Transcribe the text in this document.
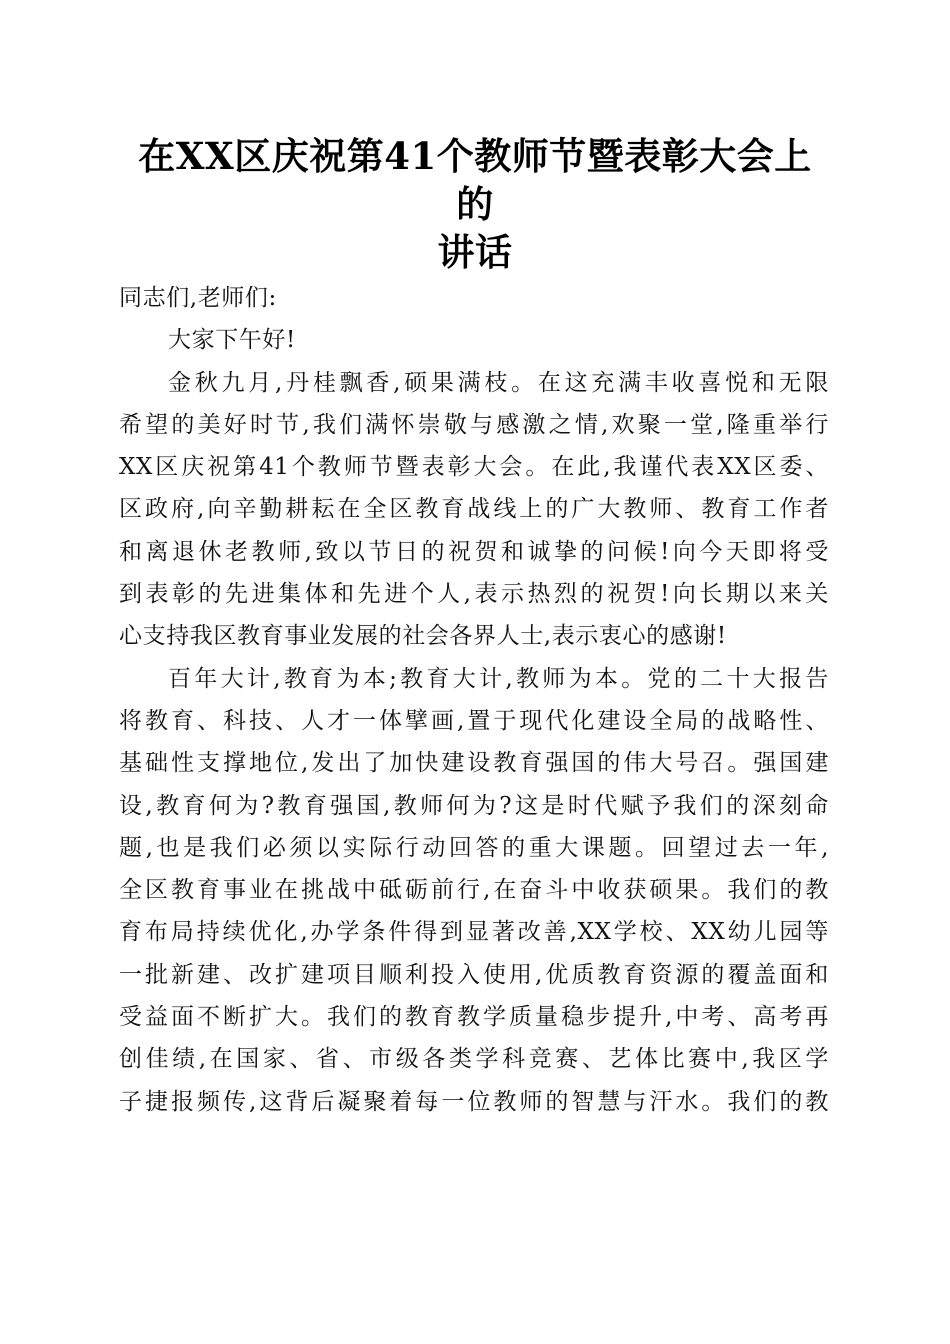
在XX区庆祝第41个教师节暨表彰大会上的
讲话
同志们,老师们:
大家下午好!
金秋九月,丹桂飘香,硕果满枝。在这充满丰收喜悦和无限
希望的美好时节,我们满怀崇敬与感激之情,欢聚一堂,隆重举行
XX区庆祝第41个教师节暨表彰大会。在此,我谨代表XX区委、
区政府,向辛勤耕耘在全区教育战线上的广大教师、教育工作者
和离退休老教师,致以节日的祝贺和诚挚的问候!向今天即将受
到表彰的先进集体和先进个人,表示热烈的祝贺!向长期以来关
心支持我区教育事业发展的社会各界人士,表示衷心的感谢!
百年大计,教育为本;教育大计,教师为本。党的二十大报告
将教育、科技、人才一体擘画,置于现代化建设全局的战略性、
基础性支撑地位,发出了加快建设教育强国的伟大号召。强国建
设,教育何为?教育强国,教师何为?这是时代赋予我们的深刻命
题,也是我们必须以实际行动回答的重大课题。回望过去一年,
全区教育事业在挑战中砥砺前行,在奋斗中收获硕果。我们的教
育布局持续优化,办学条件得到显著改善,XX学校、XX幼儿园等
一批新建、改扩建项目顺利投入使用,优质教育资源的覆盖面和
受益面不断扩大。我们的教育教学质量稳步提升,中考、高考再
创佳绩,在国家、省、市级各类学科竞赛、艺体比赛中,我区学
子捷报频传,这背后凝聚着每一位教师的智慧与汗水。我们的教
